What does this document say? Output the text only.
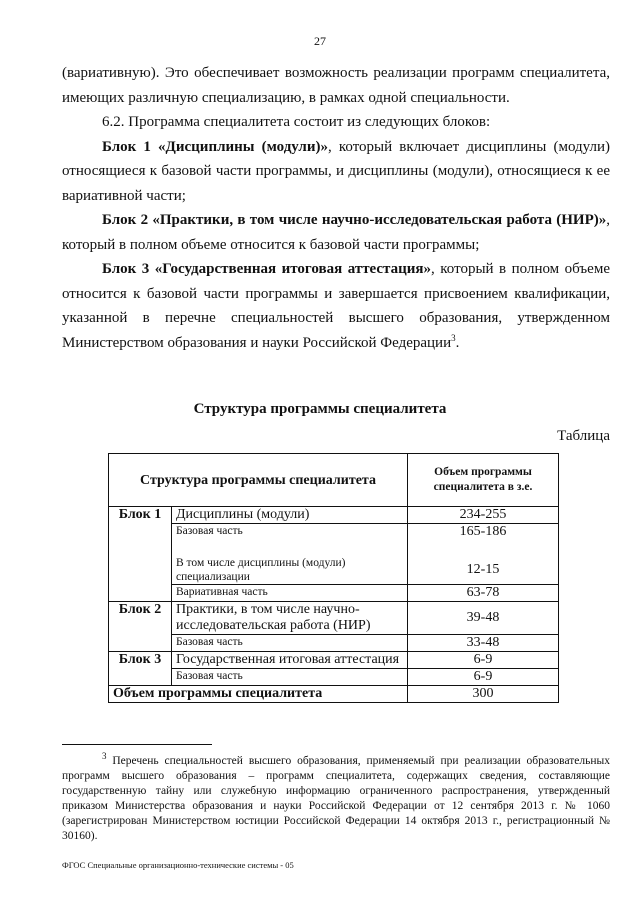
27

(вариативную). Это обеспечивает возможность реализации программ специалитета, имеющих различную специализацию, в рамках одной специальности.

6.2. Программа специалитета состоит из следующих блоков:

Блок 1 «Дисциплины (модули)», который включает дисциплины (модули) относящиеся к базовой части программы, и дисциплины (модули), относящиеся к ее вариативной части;

Блок 2 «Практики, в том числе научно-исследовательская работа (НИР)», который в полном объеме относится к базовой части программы;

Блок 3 «Государственная итоговая аттестация», который в полном объеме относится к базовой части программы и завершается присвоением квалификации, указанной в перечне специальностей высшего образования, утвержденном Министерством образования и науки Российской Федерации$^3$.

Структура программы специалитета
Таблица
Структура программы специалитета		Объем программы специалитета в з.е.
Блок 1	Дисциплины (модули)	234-255
	Базовая часть	165-186
	В том числе дисциплины (модули) специализации	12-15
	Вариативная часть	63-78
Блок 2	Практики, в том числе научно-исследовательская работа (НИР)	39-48
	Базовая часть	33-48
Блок 3	Государственная итоговая аттестация	6-9
	Базовая часть	6-9
Объем программы специалитета		300

$^3$ Перечень специальностей высшего образования, применяемый при реализации образовательных программ высшего образования – программ специалитета, содержащих сведения, составляющие государственную тайну или служебную информацию ограниченного распространения, утвержденный приказом Министерства образования и науки Российской Федерации от 12 сентября 2013 г. № 1060 (зарегистрирован Министерством юстиции Российской Федерации 14 октября 2013 г., регистрационный № 30160).

ФГОС Специальные организационно-технические системы - 05
